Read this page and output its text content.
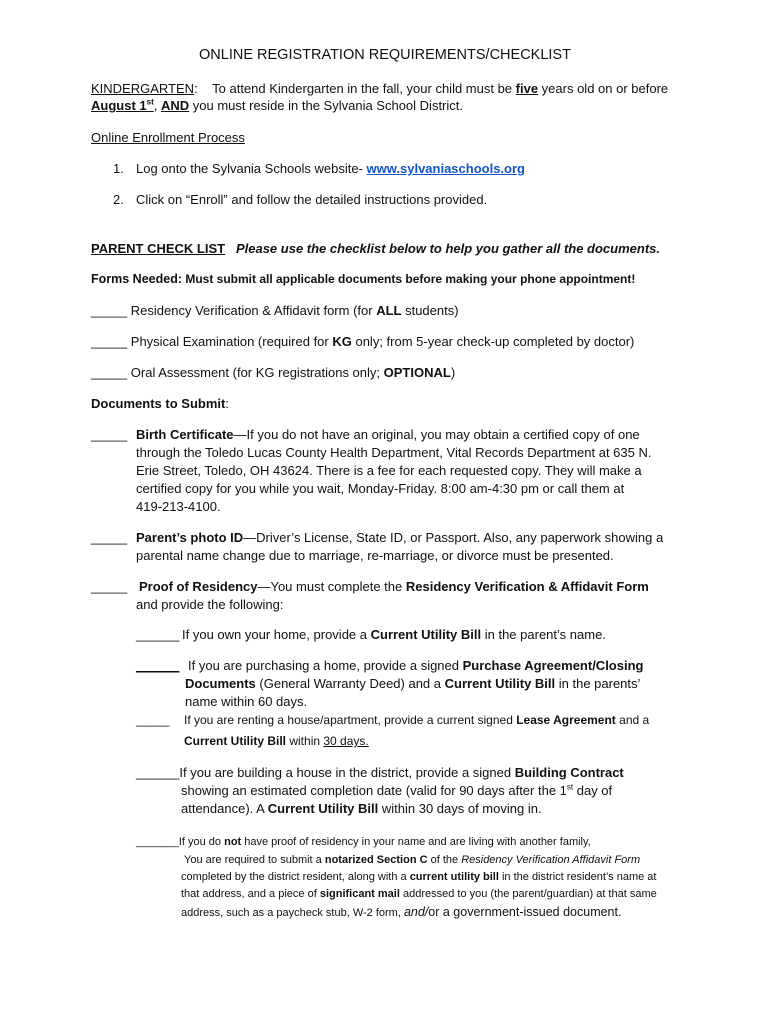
ONLINE REGISTRATION REQUIREMENTS/CHECKLIST
KINDERGARTEN: To attend Kindergarten in the fall, your child must be five years old on or before
August 1st, AND you must reside in the Sylvania School District.
Online Enrollment Process
1. Log onto the Sylvania Schools website- www.sylvaniaschools.org
2. Click on “Enroll” and follow the detailed instructions provided.
PARENT CHECK LIST Please use the checklist below to help you gather all the documents.
Forms Needed: Must submit all applicable documents before making your phone appointment!
_____ Residency Verification & Affidavit form (for ALL students)
_____ Physical Examination (required for KG only; from 5-year check-up completed by doctor)
_____ Oral Assessment (for KG registrations only; OPTIONAL)
Documents to Submit:
_____ Birth Certificate—If you do not have an original, you may obtain a certified copy of one
through the Toledo Lucas County Health Department, Vital Records Department at 635 N.
Erie Street, Toledo, OH 43624. There is a fee for each requested copy. They will make a
certified copy for you while you wait, Monday-Friday. 8:00 am-4:30 pm or call them at
419-213-4100.
_____ Parent’s photo ID—Driver’s License, State ID, or Passport. Also, any paperwork showing a
parental name change due to marriage, re-marriage, or divorce must be presented.
_____ Proof of Residency—You must complete the Residency Verification & Affidavit Form
and provide the following:
______ If you own your home, provide a Current Utility Bill in the parent’s name.
______ If you are purchasing a home, provide a signed Purchase Agreement/Closing
Documents (General Warranty Deed) and a Current Utility Bill in the parents’
name within 60 days.
_____ If you are renting a house/apartment, provide a current signed Lease Agreement and a
Current Utility Bill within 30 days.
______If you are building a house in the district, provide a signed Building Contract
showing an estimated completion date (valid for 90 days after the 1st day of
attendance). A Current Utility Bill within 30 days of moving in.
_______If you do not have proof of residency in your name and are living with another family,
You are required to submit a notarized Section C of the Residency Verification Affidavit Form
completed by the district resident, along with a current utility bill in the district resident’s name at
that address, and a piece of significant mail addressed to you (the parent/guardian) at that same
address, such as a paycheck stub, W-2 form, and/or a government-issued document.
